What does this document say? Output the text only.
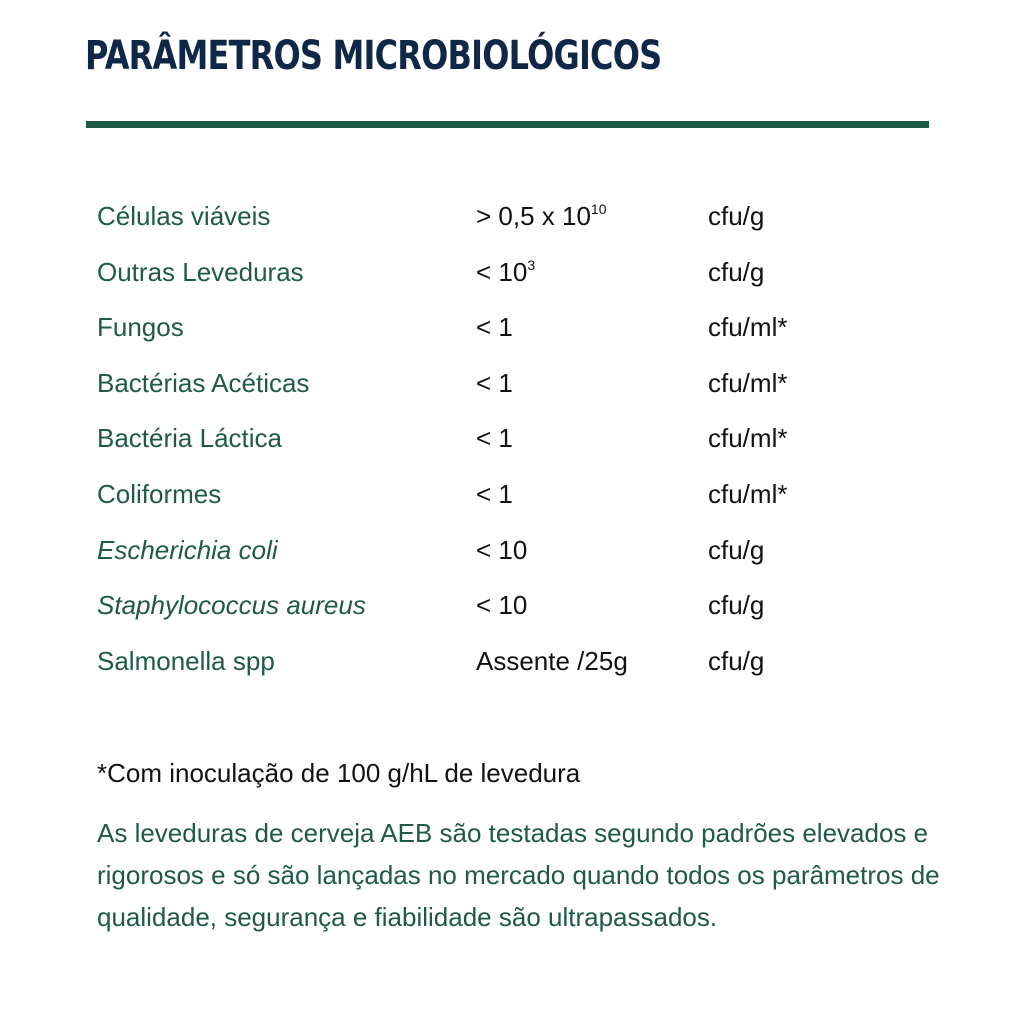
PARÂMETROS MICROBIOLÓGICOS
Células viáveis	> 0,5 x $10^{10}$	cfu/g
Outras Leveduras	< $10^3$	cfu/g
Fungos	< 1	cfu/ml*
Bactérias Acéticas	< 1	cfu/ml*
Bactéria Láctica	< 1	cfu/ml*
Coliformes	< 1	cfu/ml*
Escherichia coli	< 10	cfu/g
Staphylococcus aureus	< 10	cfu/g
Salmonella spp	Assente /25g	cfu/g

*Com inoculação de 100 g/hL de levedura

As leveduras de cerveja AEB são testadas segundo padrões elevados e rigorosos e só são lançadas no mercado quando todos os parâmetros de qualidade, segurança e fiabilidade são ultrapassados.
